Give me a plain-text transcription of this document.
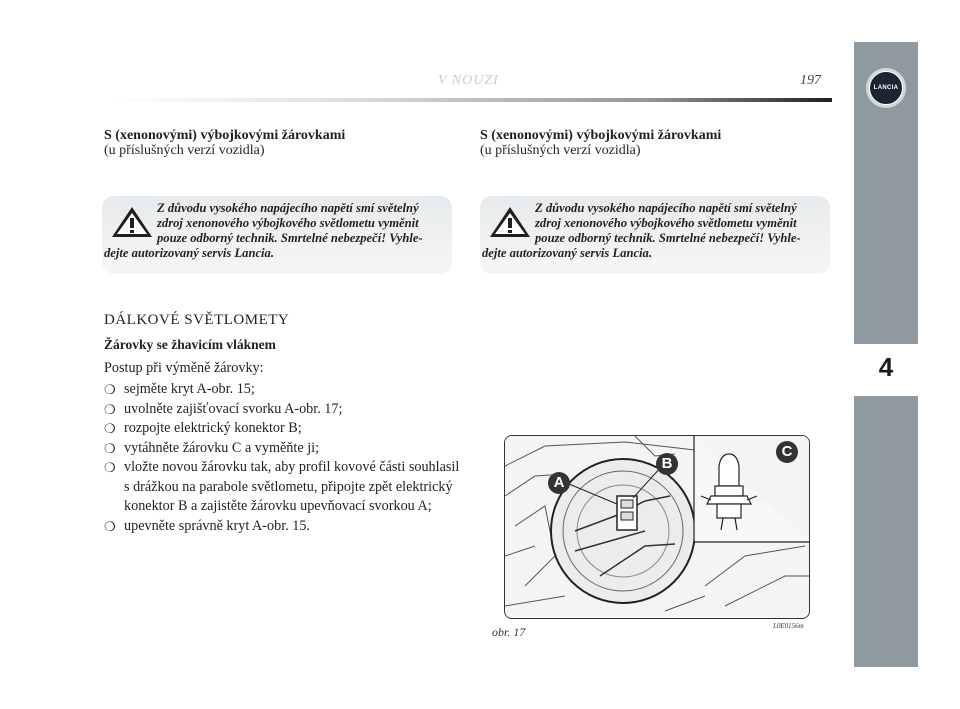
V NOUZI	197	LANCIA
4
S (xenonovými) výbojkovými žárovkami
(u příslušných verzí vozidla)
Z důvodu vysokého napájecího napětí smí světelný
zdroj xenonového výbojkového světlometu vyměnit
pouze odborný technik. Smrtelné nebezpečí! Vyhle-
dejte autorizovaný servis Lancia.
DÁLKOVÉ SVĚTLOMETY
Žárovky se žhavicím vláknem
Postup při výměně žárovky:
❍ sejměte kryt A-obr. 15;
❍ uvolněte zajišťovací svorku A-obr. 17;
❍ rozpojte elektrický konektor B;
❍ vytáhněte žárovku C a vyměňte ji;
❍ vložte novou žárovku tak, aby profil kovové části souhlasil s drážkou na parabole světlometu, připojte zpět elektrický konektor B a zajistěte žárovku upevňovací svorkou A;
❍ upevněte správně kryt A-obr. 15.
S (xenonovými) výbojkovými žárovkami
(u příslušných verzí vozidla)
Z důvodu vysokého napájecího napětí smí světelný
zdroj xenonového výbojkového světlometu vyměnit
pouze odborný technik. Smrtelné nebezpečí! Vyhle-
dejte autorizovaný servis Lancia.
A
B
C
obr. 17	L0E0156m
